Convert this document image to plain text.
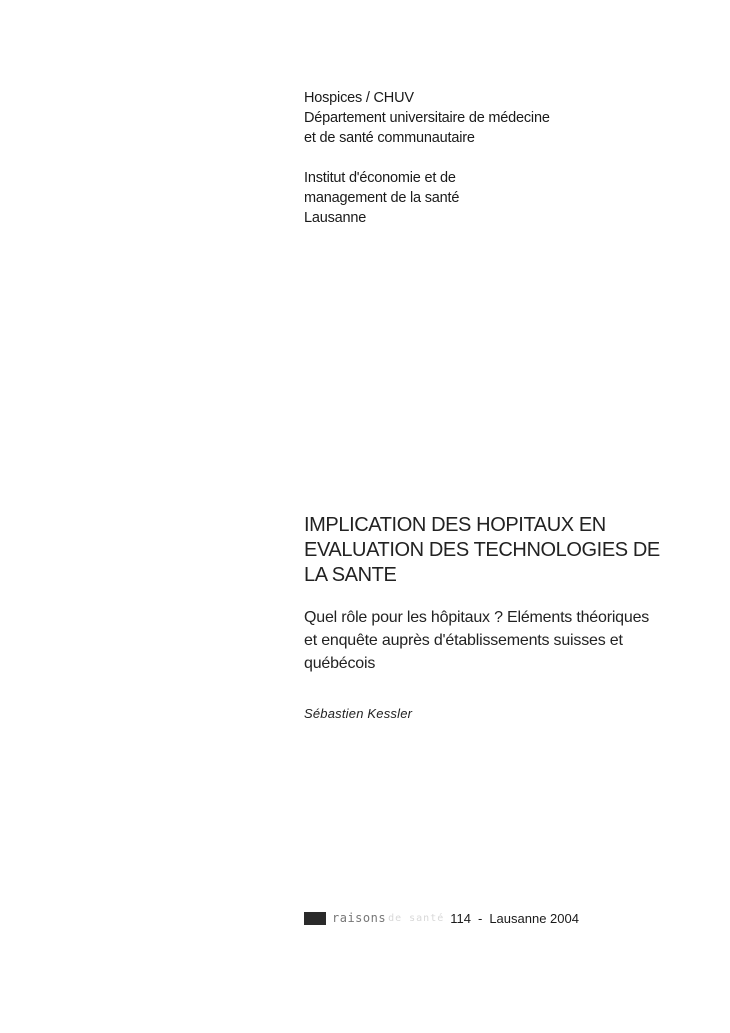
Hospices / CHUV
Département universitaire de médecine
et de santé communautaire
Institut d'économie et de
management de la santé
Lausanne
IMPLICATION DES HOPITAUX EN
EVALUATION DES TECHNOLOGIES DE
LA SANTE
Quel rôle pour les hôpitaux ? Eléments théoriques
et enquête auprès d'établissements suisses et
québécois
Sébastien Kessler
raisons de santé 114 - Lausanne 2004
